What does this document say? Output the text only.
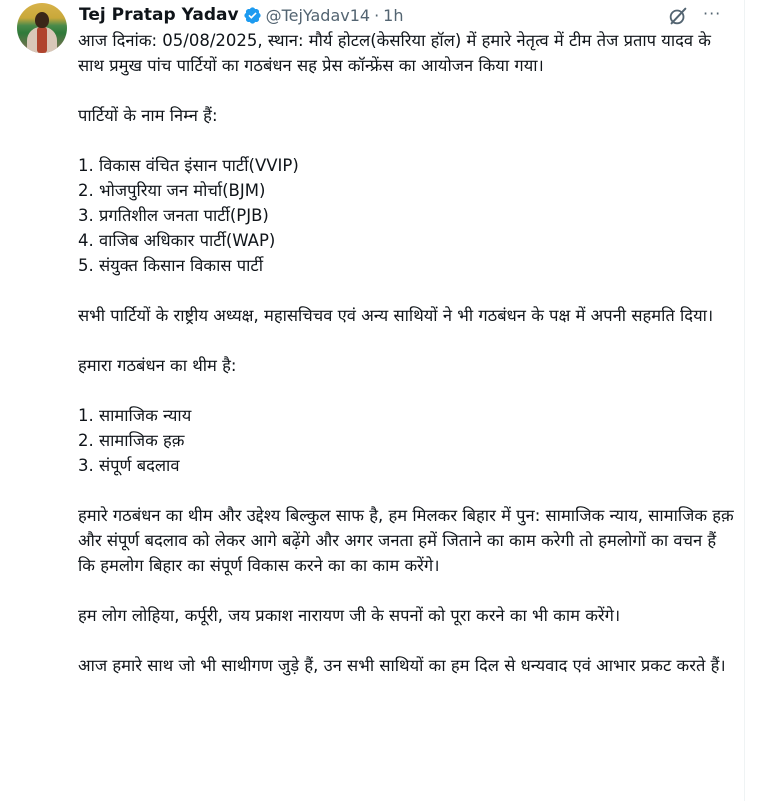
Tej Pratap Yadav @TejYadav14 · 1h	···

आज दिनांक: 05/08/2025, स्थान: मौर्य होटल(केसरिया हॉल) में हमारे नेतृत्व में टीम तेज प्रताप यादव के साथ प्रमुख पांच पार्टियों का गठबंधन सह प्रेस कॉन्फ्रेंस का आयोजन किया गया।

पार्टियों के नाम निम्न हैं:

1. विकास वंचित इंसान पार्टी(VVIP)
2. भोजपुरिया जन मोर्चा(BJM)
3. प्रगतिशील जनता पार्टी(PJB)
4. वाजिब अधिकार पार्टी(WAP)
5. संयुक्त किसान विकास पार्टी

सभी पार्टियों के राष्ट्रीय अध्यक्ष, महासचिचव एवं अन्य साथियों ने भी गठबंधन के पक्ष में अपनी सहमति दिया।

हमारा गठबंधन का थीम है:

1. सामाजिक न्याय
2. सामाजिक हक़
3. संपूर्ण बदलाव

हमारे गठबंधन का थीम और उद्देश्य बिल्कुल साफ है, हम मिलकर बिहार में पुन: सामाजिक न्याय, सामाजिक हक़ और संपूर्ण बदलाव को लेकर आगे बढ़ेंगे और अगर जनता हमें जिताने का काम करेगी तो हमलोगों का वचन हैं कि हमलोग बिहार का संपूर्ण विकास करने का का काम करेंगे।

हम लोग लोहिया, कर्पूरी, जय प्रकाश नारायण जी के सपनों को पूरा करने का भी काम करेंगे।

आज हमारे साथ जो भी साथीगण जुड़े हैं, उन सभी साथियों का हम दिल से धन्यवाद एवं आभार प्रकट करते हैं।
